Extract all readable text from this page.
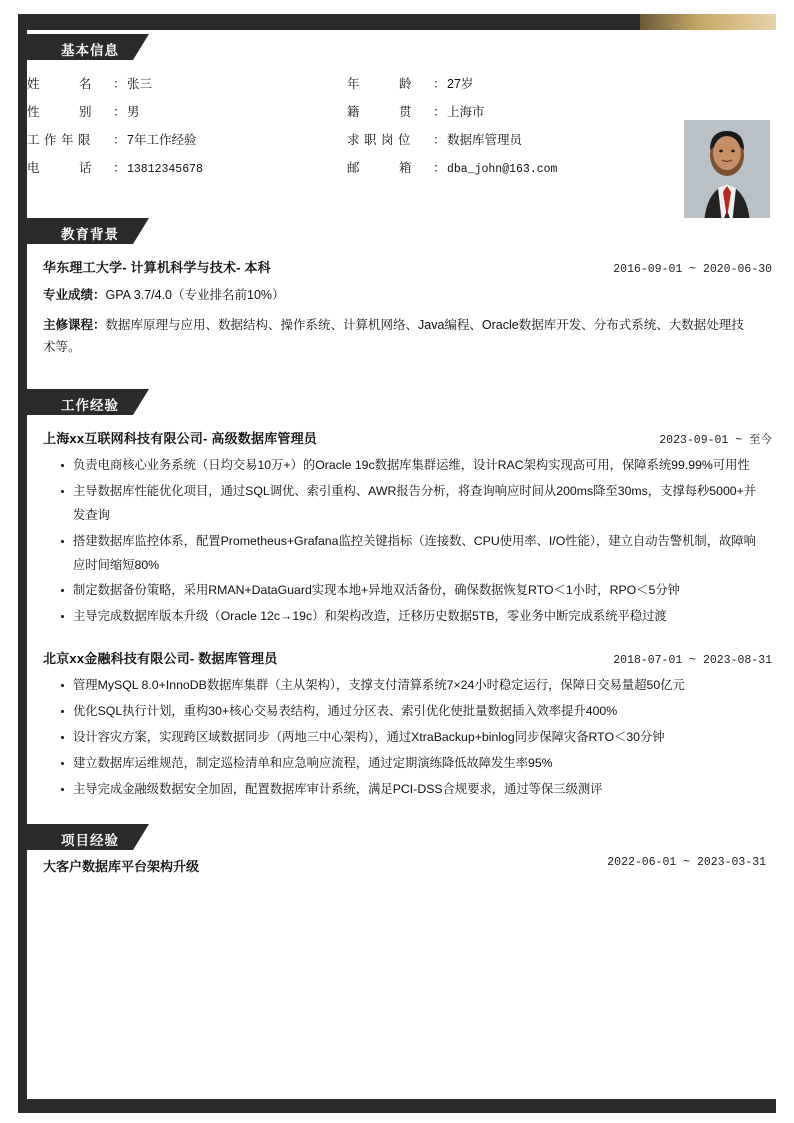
基本信息
姓　　　名	： 张三
性　　　别	： 男
工 作 年 限	： 7年工作经验
电　　　话	： 13812345678
年　　　龄	： 27岁
籍　　　贯	： 上海市
求 职 岗 位	： 数据库管理员
邮　　　箱	： dba_john@163.com
教育背景
华东理工大学- 计算机科学与技术- 本科	2016-09-01 ~ 2020-06-30
专业成绩：GPA 3.7/4.0（专业排名前10%）
主修课程：数据库原理与应用、数据结构、操作系统、计算机网络、Java编程、Oracle数据库开发、分布式系统、大数据处理技术等。
工作经验
上海xx互联网科技有限公司- 高级数据库管理员	2023-09-01 ~ 至今
负责电商核心业务系统（日均交易10万+）的Oracle 19c数据库集群运维，设计RAC架构实现高可用，保障系统99.99%可用性
主导数据库性能优化项目，通过SQL调优、索引重构、AWR报告分析，将查询响应时间从200ms降至30ms，支撑每秒5000+并发查询
搭建数据库监控体系，配置Prometheus+Grafana监控关键指标（连接数、CPU使用率、I/O性能），建立自动告警机制，故障响应时间缩短80%
制定数据备份策略，采用RMAN+DataGuard实现本地+异地双活备份，确保数据恢复RTO＜1小时，RPO＜5分钟
主导完成数据库版本升级（Oracle 12c→19c）和架构改造，迁移历史数据5TB，零业务中断完成系统平稳过渡
北京xx金融科技有限公司- 数据库管理员	2018-07-01 ~ 2023-08-31
管理MySQL 8.0+InnoDB数据库集群（主从架构），支撑支付清算系统7×24小时稳定运行，保障日交易量超50亿元
优化SQL执行计划，重构30+核心交易表结构，通过分区表、索引优化使批量数据插入效率提升400%
设计容灾方案，实现跨区域数据同步（两地三中心架构），通过XtraBackup+binlog同步保障灾备RTO＜30分钟
建立数据库运维规范，制定巡检清单和应急响应流程，通过定期演练降低故障发生率95%
主导完成金融级数据安全加固，配置数据库审计系统，满足PCI-DSS合规要求，通过等保三级测评
项目经验
大客户数据库平台架构升级	2022-06-01 ~ 2023-03-31
